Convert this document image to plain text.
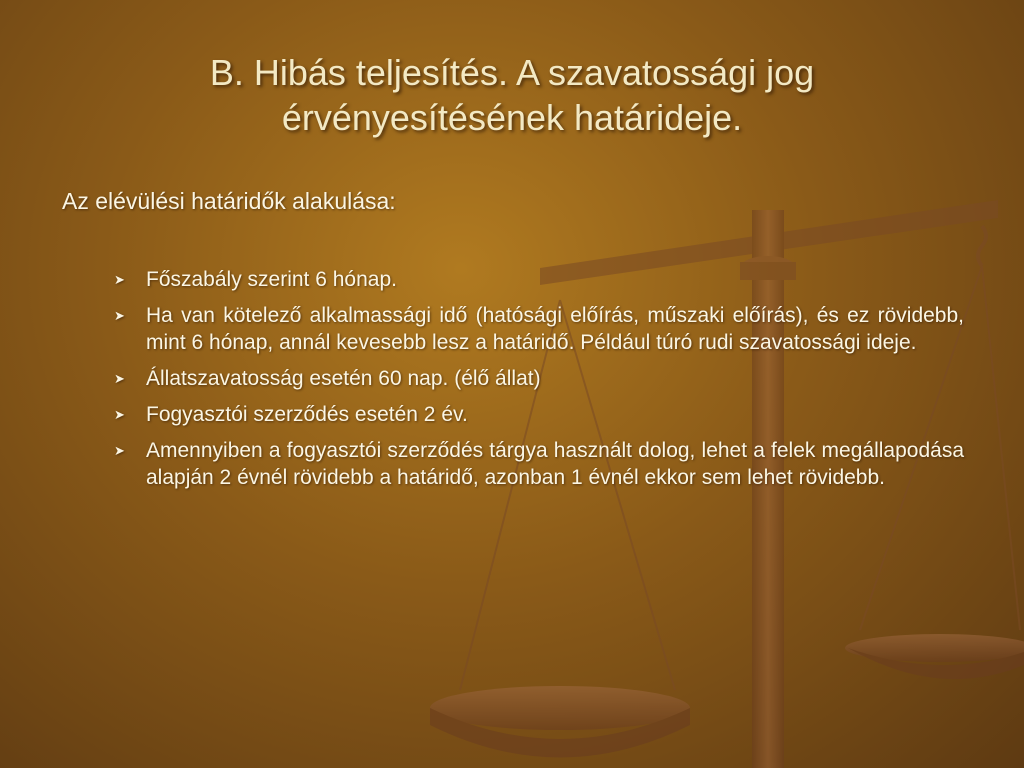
B. Hibás teljesítés. A szavatossági jog
érvényesítésének határideje.
Az elévülési határidők alakulása:
➤ Főszabály szerint 6 hónap.
➤ Ha van kötelező alkalmassági idő (hatósági előírás, műszaki előírás), és ez rövidebb, mint 6 hónap, annál kevesebb lesz a határidő. Például túró rudi szavatossági ideje.
➤ Állatszavatosság esetén 60 nap. (élő állat)
➤ Fogyasztói szerződés esetén 2 év.
➤ Amennyiben a fogyasztói szerződés tárgya használt dolog, lehet a felek megállapodása alapján 2 évnél rövidebb a határidő, azonban 1 évnél ekkor sem lehet rövidebb.
